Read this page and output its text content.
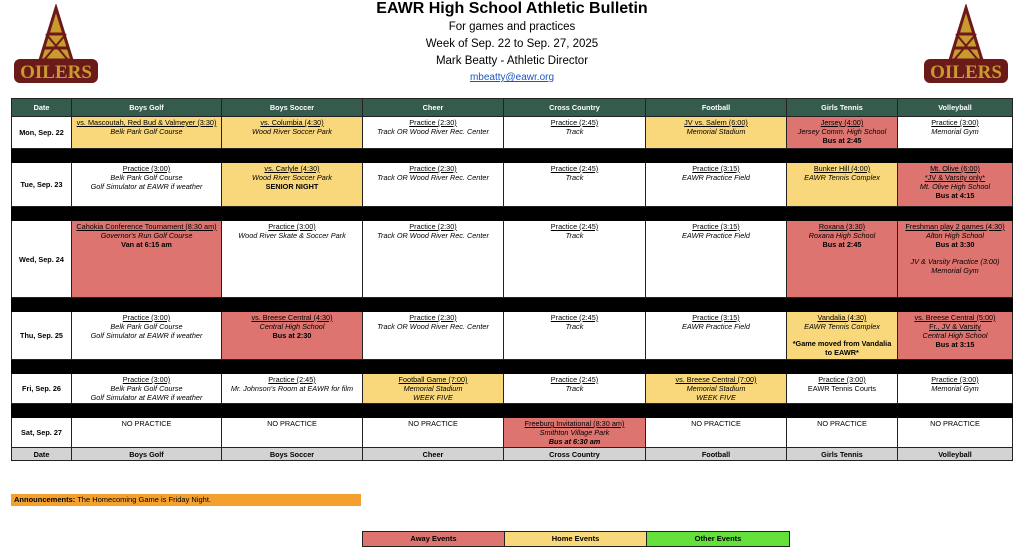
OILERS	OILERS
EAWR High School Athletic Bulletin
For games and practices
Week of Sep. 22 to Sep. 27, 2025
Mark Beatty - Athletic Director
mbeatty@eawr.org
Date	Boys Golf	Boys Soccer	Cheer	Cross Country	Football	Girls Tennis	Volleyball
Mon, Sep. 22	vs. Mascoutah, Red Bud & Valmeyer (3:30)
Belk Park Golf Course	vs. Columbia (4:30)
Wood River Soccer Park	Practice (2:30)
Track OR Wood River Rec. Center	Practice (2:45)
Track	JV vs. Salem (6:00)
Memorial Stadium	Jersey (4:00)
Jersey Comm. High School
Bus at 2:45	Practice (3:00)
Memorial Gym

Tue, Sep. 23	Practice (3:00)
Belk Park Golf Course
Golf Simulator at EAWR if weather	vs. Carlyle (4:30)
Wood River Soccer Park
SENIOR NIGHT	Practice (2:30)
Track OR Wood River Rec. Center	Practice (2:45)
Track	Practice (3:15)
EAWR Practice Field	Bunker Hill (4:00)
EAWR Tennis Complex	Mt. Olive (6:00)
*JV & Varsity only*
Mt. Olive High School
Bus at 4:15

Wed, Sep. 24	Cahokia Conference Tournament (8:30 am)
Governor's Run Golf Course
Van at 6:15 am	Practice (3:00)
Wood River Skate & Soccer Park	Practice (2:30)
Track OR Wood River Rec. Center	Practice (2:45)
Track	Practice (3:15)
EAWR Practice Field	Roxana (3:30)
Roxana High School
Bus at 2:45	Freshman play 2 games (4:30)
Alton High School
Bus at 3:30
JV & Varsity Practice (3:00)
Memorial Gym

Thu, Sep. 25	Practice (3:00)
Belk Park Golf Course
Golf Simulator at EAWR if weather	vs. Breese Central (4:30)
Central High School
Bus at 2:30	Practice (2:30)
Track OR Wood River Rec. Center	Practice (2:45)
Track	Practice (3:15)
EAWR Practice Field	Vandalia (4:30)
EAWR Tennis Complex
*Game moved from Vandalia to EAWR*	vs. Breese Central (5:00)
Fr., JV & Varsity
Central High School
Bus at 3:15

Fri, Sep. 26	Practice (3:00)
Belk Park Golf Course
Golf Simulator at EAWR if weather	Practice (2:45)
Mr. Johnson's Room at EAWR for film	Football Game (7:00)
Memorial Stadium
WEEK FIVE	Practice (2:45)
Track	vs. Breese Central (7:00)
Memorial Stadium
WEEK FIVE	Practice (3:00)
EAWR Tennis Courts	Practice (3:00)
Memorial Gym

Sat, Sep. 27	NO PRACTICE	NO PRACTICE	NO PRACTICE	Freeburg Invitational (8:30 am)
Smithton Village Park
Bus at 6:30 am	NO PRACTICE	NO PRACTICE	NO PRACTICE

Date	Boys Golf	Boys Soccer	Cheer	Cross Country	Football	Girls Tennis	Volleyball
Announcements: The Homecoming Game is Friday Night.
Away Events	Home Events	Other Events
